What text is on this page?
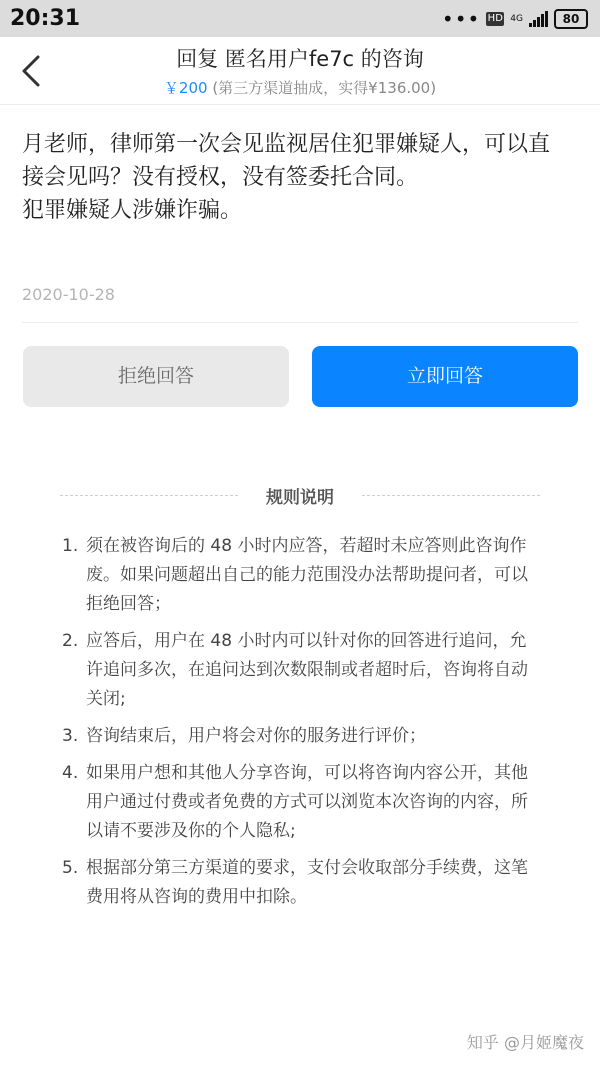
20:31	••• HD 4G	80
回复 匿名用户fe7c 的咨询
￥200 (第三方渠道抽成，实得¥136.00)
月老师，律师第一次会见监视居住犯罪嫌疑人，可以直接会见吗？没有授权，没有签委托合同。
犯罪嫌疑人涉嫌诈骗。
2020-10-28
拒绝回答	立即回答
规则说明
1. 须在被咨询后的 48 小时内应答，若超时未应答则此咨询作废。如果问题超出自己的能力范围没办法帮助提问者，可以拒绝回答；
2. 应答后，用户在 48 小时内可以针对你的回答进行追问，允许追问多次，在追问达到次数限制或者超时后，咨询将自动关闭;
3. 咨询结束后，用户将会对你的服务进行评价；
4. 如果用户想和其他人分享咨询，可以将咨询内容公开，其他用户通过付费或者免费的方式可以浏览本次咨询的内容，所以请不要涉及你的个人隐私;
5. 根据部分第三方渠道的要求，支付会收取部分手续费，这笔费用将从咨询的费用中扣除。
知乎 @月姬魔夜
